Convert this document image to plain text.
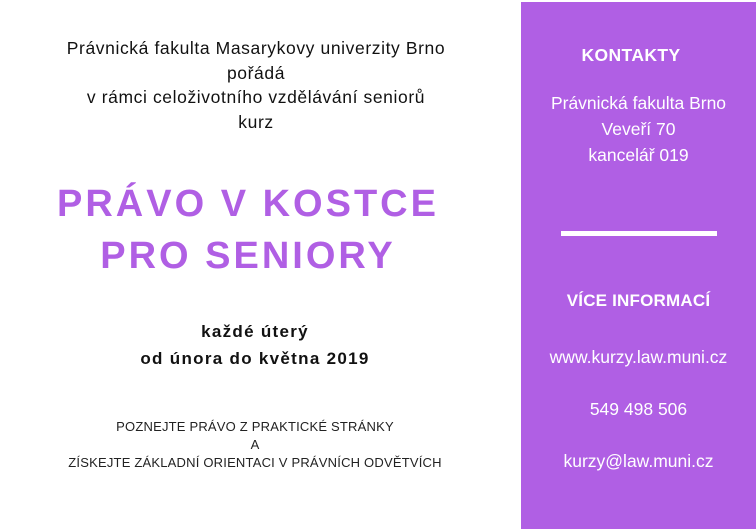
Právnická fakulta Masarykovy univerzity Brno
pořádá
v rámci celoživotního vzdělávání seniorů
kurz
PRÁVO V KOSTCE
PRO SENIORY
každé úterý
od února do května 2019
POZNEJTE PRÁVO Z PRAKTICKÉ STRÁNKY
A
ZÍSKEJTE ZÁKLADNÍ ORIENTACI V PRÁVNÍCH ODVĚTVÍCH
KONTAKTY
Právnická fakulta Brno
Veveří 70
kancelář 019
VÍCE INFORMACÍ
www.kurzy.law.muni.cz
549 498 506
kurzy@law.muni.cz
